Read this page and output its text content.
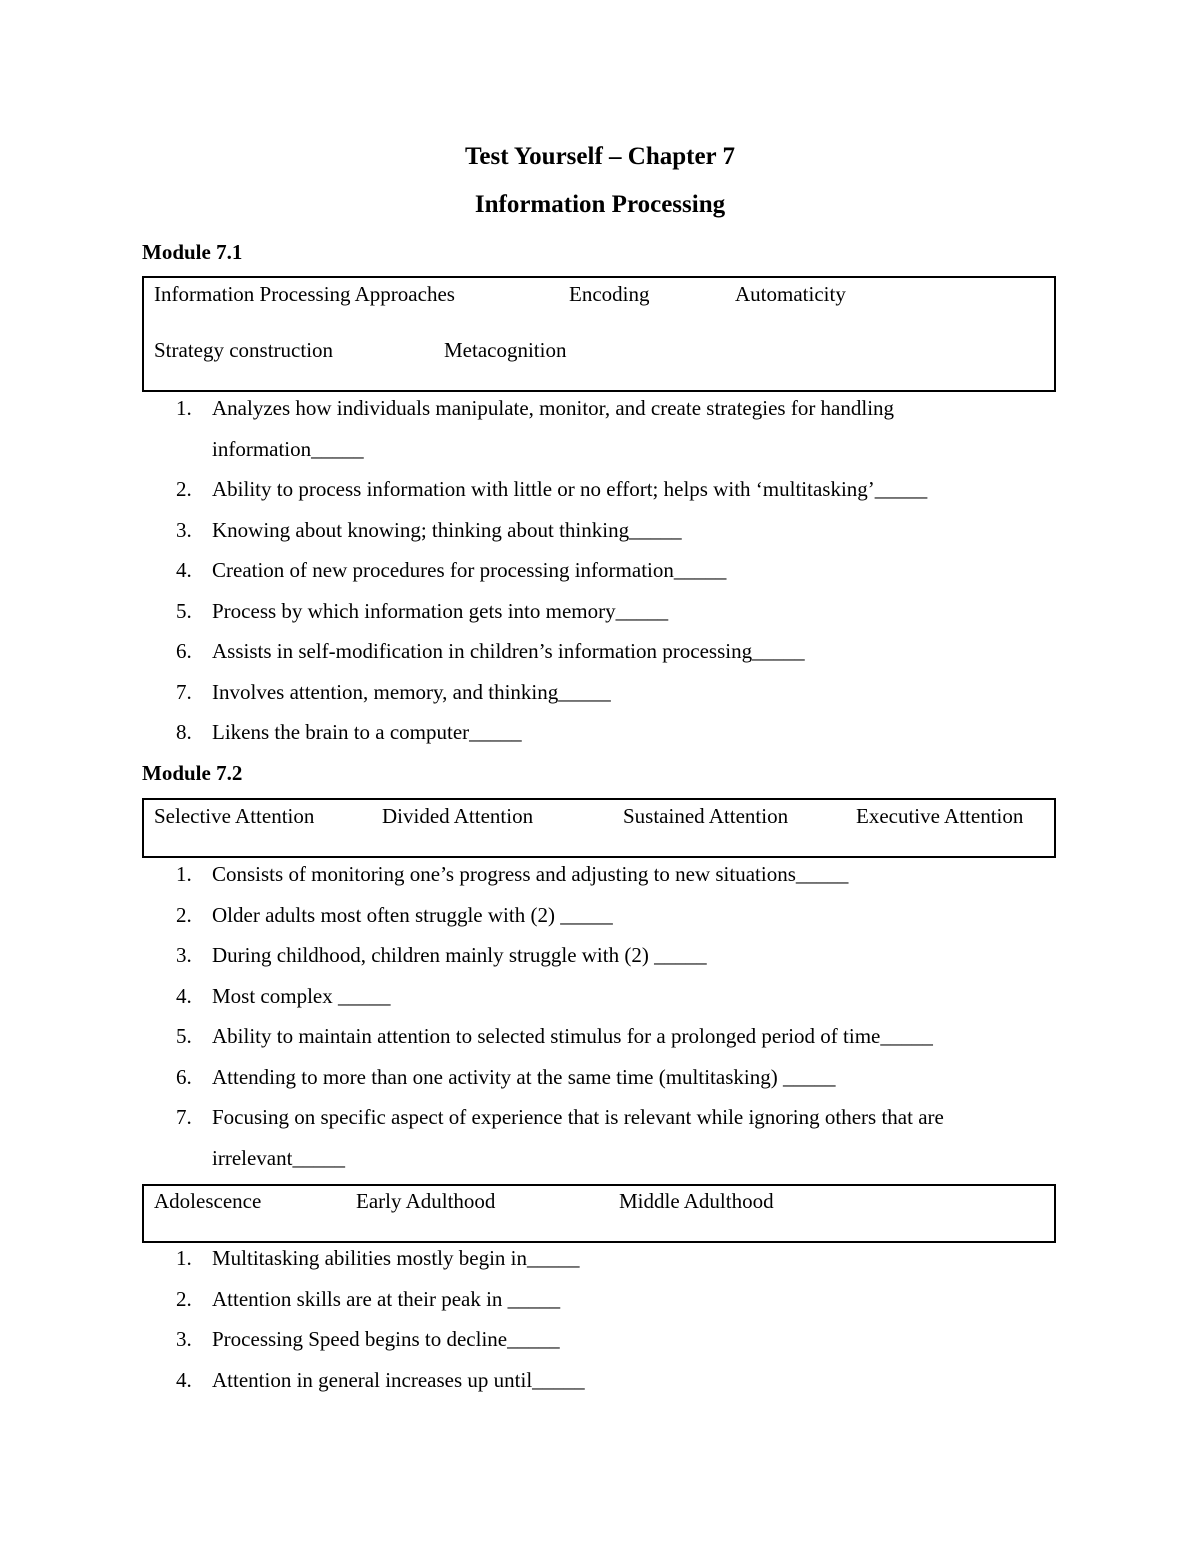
Test Yourself – Chapter 7
Information Processing
Module 7.1
Information Processing Approaches	Encoding	Automaticity
Strategy construction	Metacognition
1. Analyzes how individuals manipulate, monitor, and create strategies for handling
information_____
2. Ability to process information with little or no effort; helps with ‘multitasking’_____
3. Knowing about knowing; thinking about thinking_____
4. Creation of new procedures for processing information_____
5. Process by which information gets into memory_____
6. Assists in self-modification in children’s information processing_____
7. Involves attention, memory, and thinking_____
8. Likens the brain to a computer_____
Module 7.2
Selective Attention	Divided Attention	Sustained Attention	Executive Attention
1. Consists of monitoring one’s progress and adjusting to new situations_____
2. Older adults most often struggle with (2) _____
3. During childhood, children mainly struggle with (2) _____
4. Most complex _____
5. Ability to maintain attention to selected stimulus for a prolonged period of time_____
6. Attending to more than one activity at the same time (multitasking) _____
7. Focusing on specific aspect of experience that is relevant while ignoring others that are
irrelevant_____
Adolescence	Early Adulthood	Middle Adulthood
1. Multitasking abilities mostly begin in_____
2. Attention skills are at their peak in _____
3. Processing Speed begins to decline_____
4. Attention in general increases up until_____
